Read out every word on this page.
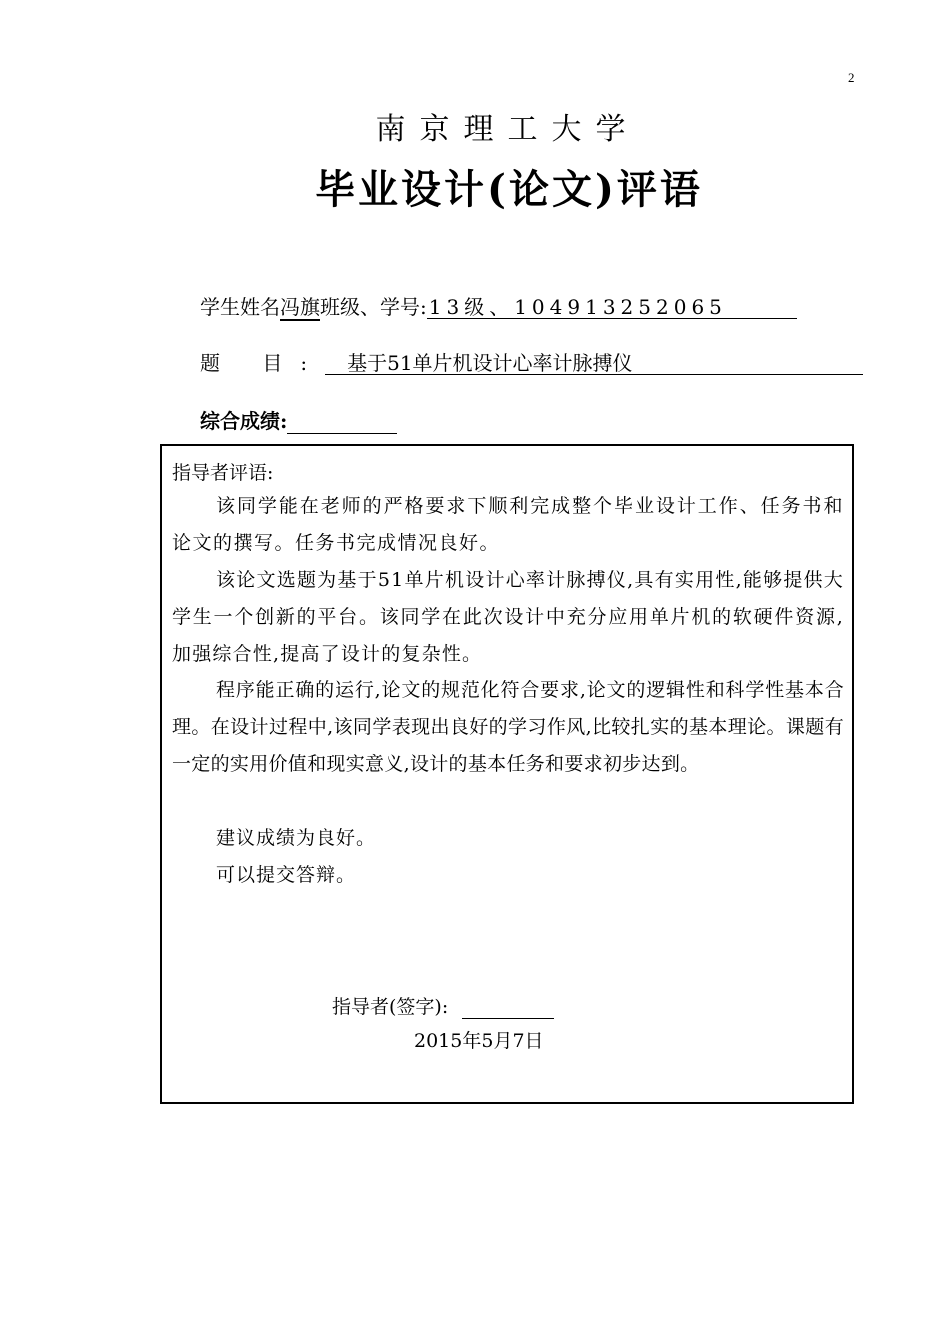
2
南京理工大学
毕业设计(论文)评语
学生姓名冯旗班级、学号: 13级、104913252065
题 目: 基于51单片机设计心率计脉搏仪
综合成绩:
指导者评语:
该同学能在老师的严格要求下顺利完成整个毕业设计工作、任务书和论文的撰写。任务书完成情况良好。
该论文选题为基于51单片机设计心率计脉搏仪,具有实用性,能够提供大学生一个创新的平台。该同学在此次设计中充分应用单片机的软硬件资源,加强综合性,提高了设计的复杂性。
程序能正确的运行,论文的规范化符合要求,论文的逻辑性和科学性基本合理。在设计过程中,该同学表现出良好的学习作风,比较扎实的基本理论。课题有一定的实用价值和现实意义,设计的基本任务和要求初步达到。
建议成绩为良好。
可以提交答辩。
指导者(签字):
2015年5月7日
